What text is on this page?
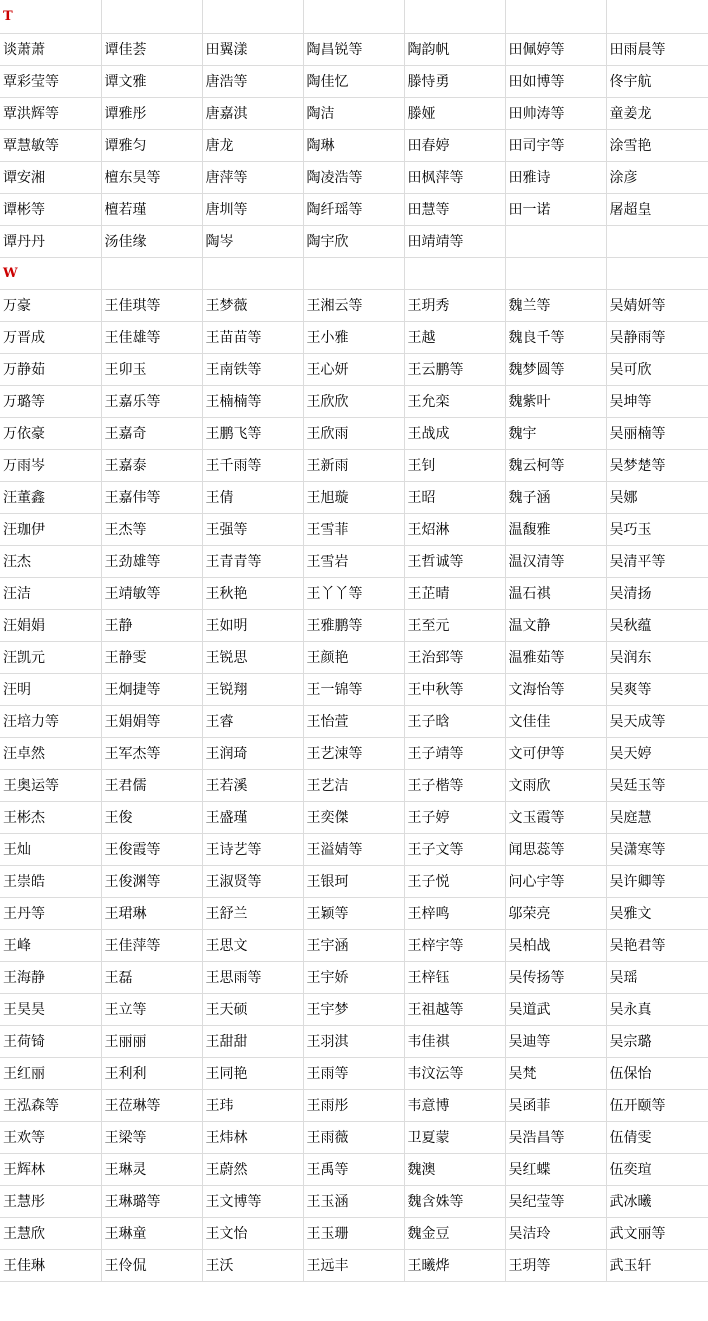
T						
谈萧萧	谭佳荟	田翼漾	陶昌锐等	陶韵帆	田佩婷等	田雨晨等
覃彩莹等	谭文雅	唐浩等	陶佳忆	滕恃勇	田如博等	佟宇航
覃洪辉等	谭雅彤	唐嘉淇	陶洁	滕娅	田帅涛等	童姜龙
覃慧敏等	谭雅匀	唐龙	陶琳	田春婷	田司宇等	涂雪艳
谭安湘	檀东昊等	唐萍等	陶凌浩等	田枫萍等	田雅诗	涂彦
谭彬等	檀若瑾	唐圳等	陶纤瑶等	田慧等	田一诺	屠超皇
谭丹丹	汤佳缘	陶岑	陶宇欣	田靖靖等		
W						
万豪	王佳琪等	王梦薇	王湘云等	王玥秀	魏兰等	吴婧妍等
万晋成	王佳雄等	王苗苗等	王小雅	王越	魏良千等	吴静雨等
万静茹	王卯玉	王南铁等	王心妍	王云鹏等	魏梦圆等	吴可欣
万璐等	王嘉乐等	王楠楠等	王欣欣	王允栾	魏紫叶	吴坤等
万依豪	王嘉奇	王鹏飞等	王欣雨	王战成	魏宇	吴丽楠等
万雨岑	王嘉泰	王千雨等	王新雨	王钊	魏云柯等	吴梦楚等
汪董鑫	王嘉伟等	王倩	王旭璇	王昭	魏子涵	吴娜
汪珈伊	王杰等	王强等	王雪菲	王炤淋	温馥雅	吴巧玉
汪杰	王劲雄等	王青青等	王雪岩	王哲诚等	温汉清等	吴清平等
汪洁	王靖敏等	王秋艳	王丫丫等	王芷晴	温石祺	吴清扬
汪娟娟	王静	王如明	王雅鹏等	王至元	温文静	吴秋蕴
汪凯元	王静雯	王锐思	王颜艳	王治郅等	温雅茹等	吴润东
汪明	王炯捷等	王锐翔	王一锦等	王中秋等	文海怡等	吴爽等
汪培力等	王娟娟等	王睿	王怡萱	王子晗	文佳佳	吴天成等
汪卓然	王军杰等	王润琦	王艺涑等	王子靖等	文可伊等	吴天婷
王奥运等	王君儒	王若溪	王艺洁	王子楷等	文雨欣	吴廷玉等
王彬杰	王俊	王盛瑾	王奕傑	王子婷	文玉霞等	吴庭慧
王灿	王俊霞等	王诗艺等	王溢婧等	王子文等	闻思蕊等	吴潇寒等
王崇皓	王俊渊等	王淑贤等	王银珂	王子悦	问心宇等	吴许卿等
王丹等	王珺琳	王舒兰	王颖等	王梓鸣	邬荣亮	吴雅文
王峰	王佳萍等	王思文	王宇涵	王梓宇等	吴柏战	吴艳君等
王海静	王磊	王思雨等	王宇娇	王梓钰	吴传扬等	吴瑶
王昊昊	王立等	王天硕	王宇梦	王祖越等	吴道武	吴永真
王荷锜	王丽丽	王甜甜	王羽淇	韦佳祺	吴迪等	吴宗璐
王红丽	王利利	王同艳	王雨等	韦汶沄等	吴梵	伍保怡
王泓森等	王莅琳等	王玮	王雨彤	韦意博	吴函菲	伍开颐等
王欢等	王梁等	王炜林	王雨薇	卫夏蒙	吴浩昌等	伍倩雯
王辉林	王琳灵	王蔚然	王禹等	魏澳	吴红蝶	伍奕瑄
王慧彤	王琳璐等	王文博等	王玉涵	魏含姝等	吴纪莹等	武冰曦
王慧欣	王琳童	王文怡	王玉珊	魏金豆	吴洁玲	武文丽等
王佳琳	王伶侃	王沃	王远丰	王曦烨	王玥等	武玉轩
